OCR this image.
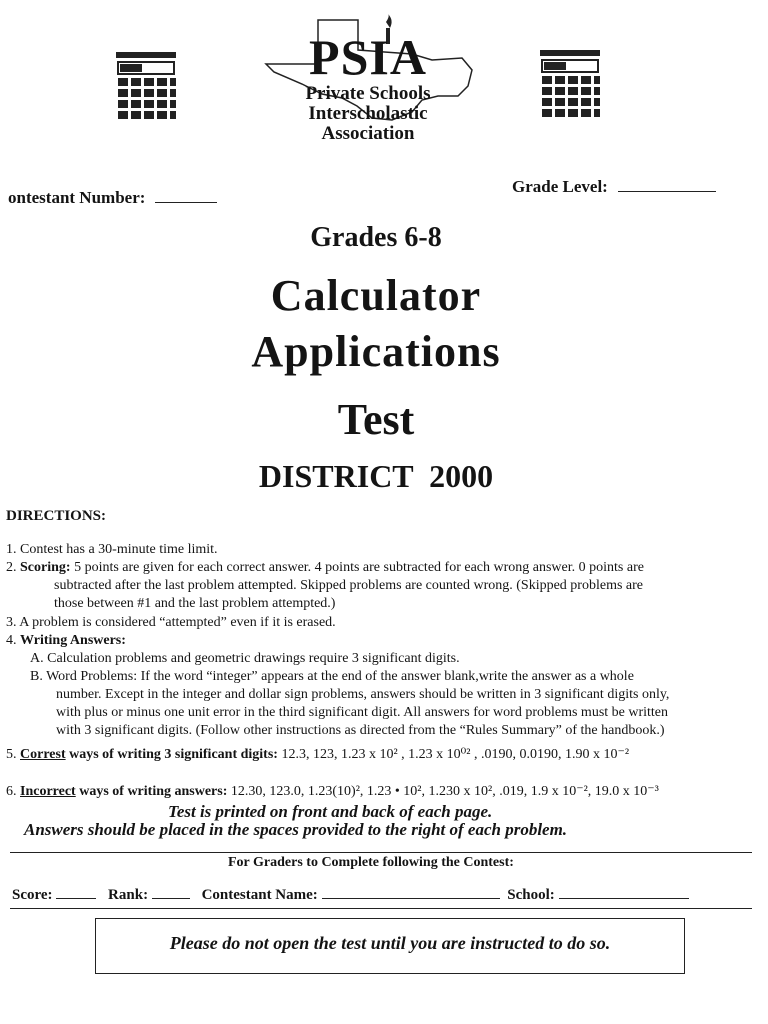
PSIA
Private Schools
Interscholastic
Association
ontestant Number:
Grade Level:
Grades 6-8
Calculator
Applications
Test
DISTRICT 2000
DIRECTIONS:
1. Contest has a 30-minute time limit.
2. Scoring: 5 points are given for each correct answer. 4 points are subtracted for each wrong answer. 0 points are
subtracted after the last problem attempted. Skipped problems are counted wrong. (Skipped problems are
those between #1 and the last problem attempted.)
3. A problem is considered “attempted” even if it is erased.
4. Writing Answers:
A. Calculation problems and geometric drawings require 3 significant digits.
B. Word Problems: If the word “integer” appears at the end of the answer blank,write the answer as a whole
number. Except in the integer and dollar sign problems, answers should be written in 3 significant digits only,
with plus or minus one unit error in the third significant digit. All answers for word problems must be written
with 3 significant digits. (Follow other instructions as directed from the “Rules Summary” of the handbook.)
5. Correst ways of writing 3 significant digits: 12.3, 123, 1.23 x 10² , 1.23 x 10⁰² , .0190, 0.0190, 1.90 x 10⁻²
6. Incorrect ways of writing answers: 12.30, 123.0, 1.23(10)², 1.23 • 10², 1.230 x 10², .019, 1.9 x 10⁻², 19.0 x 10⁻³
Test is printed on front and back of each page.
Answers should be placed in the spaces provided to the right of each problem.
For Graders to Complete following the Contest:
Score:	Rank:	Contestant Name:	School:
Please do not open the test until you are instructed to do so.
